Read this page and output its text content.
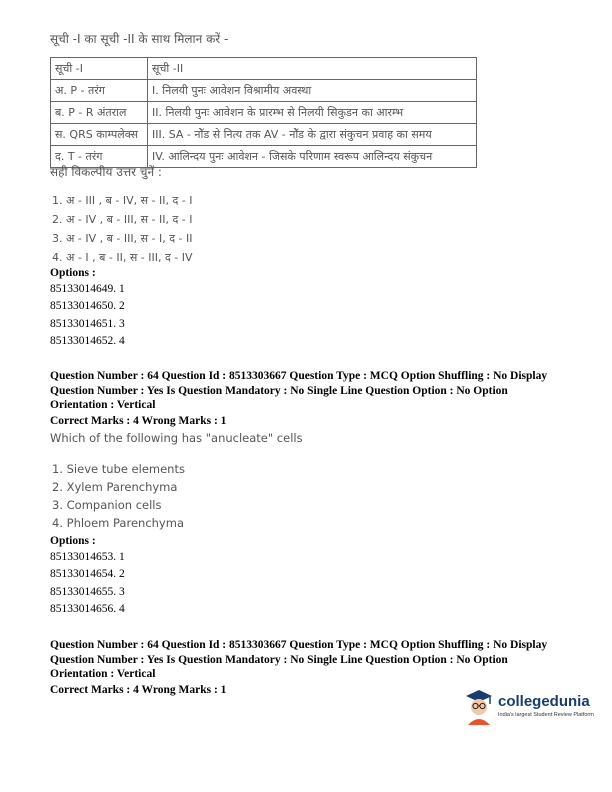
सूची -I का सूची -II के साथ मिलान करें -
सूची -I	सूची -II
अ. P - तरंग	I. निलयी पुनः आवेशन विश्रामीय अवस्था
ब. P - R अंतराल	II. निलयी पुनः आवेशन के प्रारम्भ से निलयी सिकुडन का आरम्भ
स. QRS काम्पलेक्स	III. SA - नोॅड से नित्य तक AV - नोॅड के द्वारा संकुचन प्रवाह का समय
द. T - तरंग	IV. आलिन्दय पुनः आवेशन - जिसके परिणाम स्वरूप आलिन्दय संकुचन
सही विकल्पीय उत्तर चुनें :
1. अ - III , ब - IV, स - II, द - I
2. अ - IV , ब - III, स - II, द - I
3. अ - IV , ब - III, स - I, द - II
4. अ - I , ब - II, स - III, द - IV
Options :
85133014649. 1
85133014650. 2
85133014651. 3
85133014652. 4
Question Number : 64 Question Id : 8513303667 Question Type : MCQ Option Shuffling : No Display
Question Number : Yes Is Question Mandatory : No Single Line Question Option : No Option
Orientation : Vertical
Correct Marks : 4 Wrong Marks : 1
Which of the following has "anucleate" cells
1. Sieve tube elements
2. Xylem Parenchyma
3. Companion cells
4. Phloem Parenchyma
Options :
85133014653. 1
85133014654. 2
85133014655. 3
85133014656. 4
Question Number : 64 Question Id : 8513303667 Question Type : MCQ Option Shuffling : No Display
Question Number : Yes Is Question Mandatory : No Single Line Question Option : No Option
Orientation : Vertical
Correct Marks : 4 Wrong Marks : 1
collegedunia
India's largest Student Review Platform
